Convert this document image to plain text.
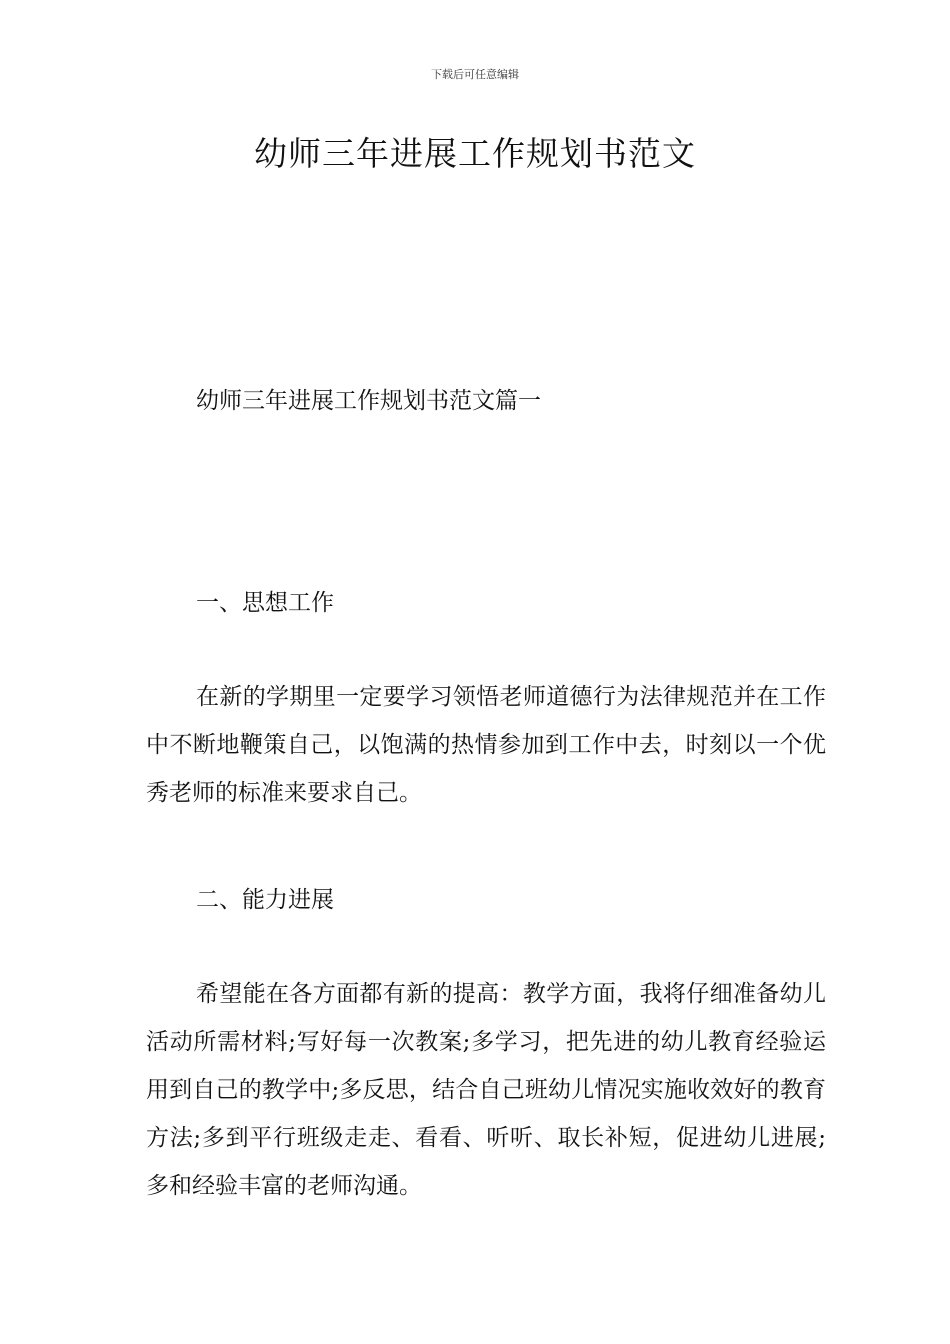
下载后可任意编辑
幼师三年进展工作规划书范文
幼师三年进展工作规划书范文篇一
一、思想工作
在新的学期里一定要学习领悟老师道德行为法律规范并在工作中不断地鞭策自己，以饱满的热情参加到工作中去，时刻以一个优秀老师的标准来要求自己。
二、能力进展
希望能在各方面都有新的提高：教学方面，我将仔细准备幼儿活动所需材料;写好每一次教案;多学习，把先进的幼儿教育经验运用到自己的教学中;多反思，结合自己班幼儿情况实施收效好的教育方法;多到平行班级走走、看看、听听、取长补短，促进幼儿进展;多和经验丰富的老师沟通。
